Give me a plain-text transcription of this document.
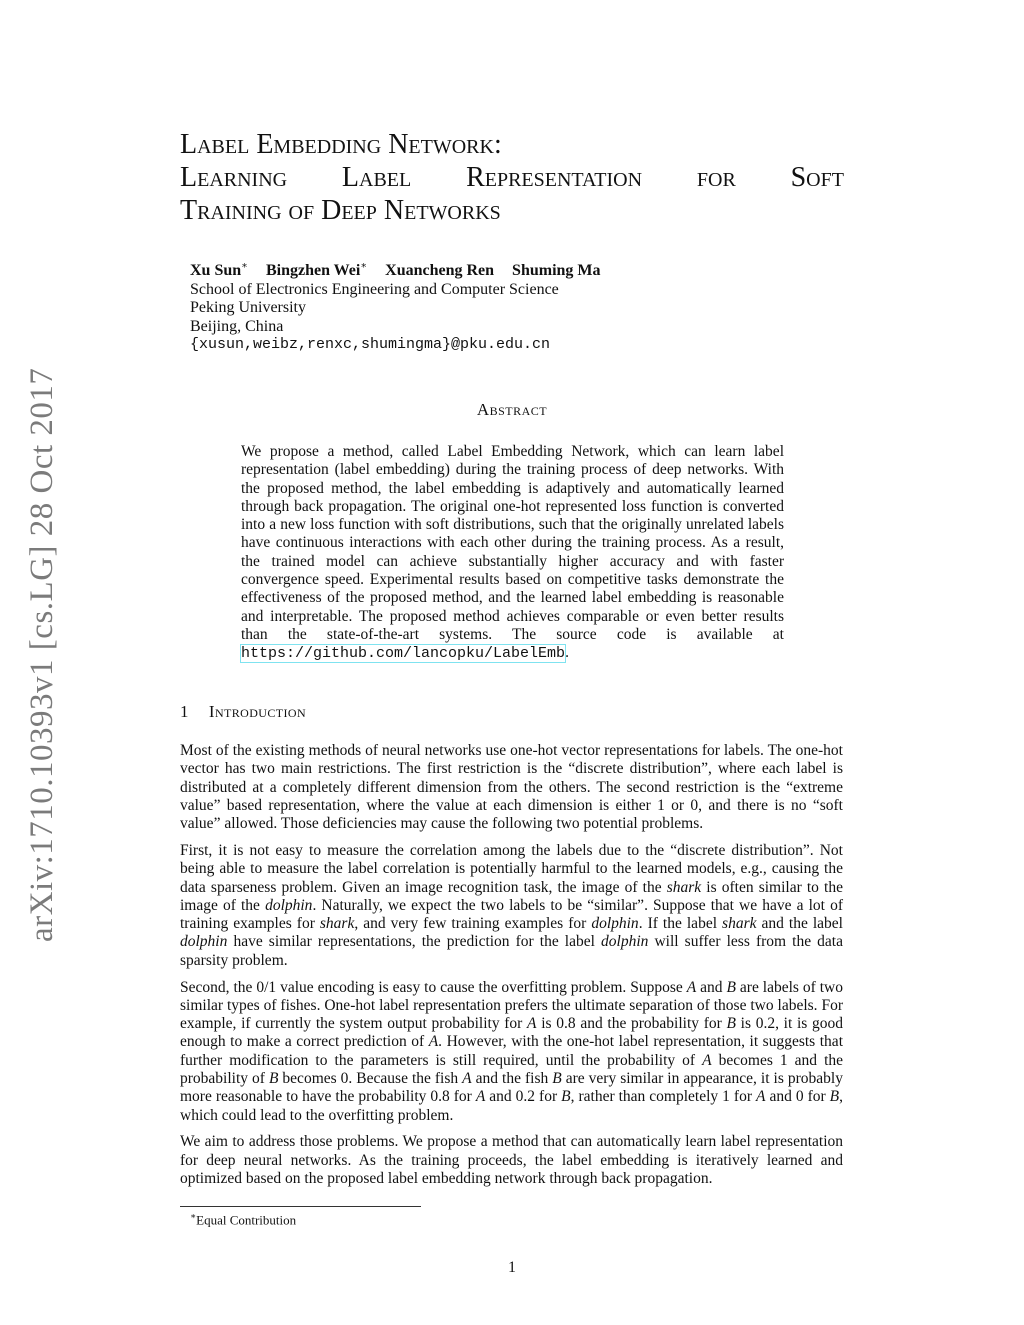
arXiv:1710.10393v1 [cs.LG] 28 Oct 2017
Label Embedding Network:
Learning Label Representation for Soft
Training of Deep Networks
Xu Sun∗ Bingzhen Wei∗ Xuancheng Ren Shuming Ma
School of Electronics Engineering and Computer Science
Peking University
Beijing, China
{xusun,weibz,renxc,shumingma}@pku.edu.cn
Abstract
We propose a method, called Label Embedding Network, which can learn label representation (label embedding) during the training process of deep networks. With the proposed method, the label embedding is adaptively and automatically learned through back propagation. The original one-hot represented loss function is converted into a new loss function with soft distributions, such that the originally unrelated labels have continuous interactions with each other during the training process. As a result, the trained model can achieve substantially higher accuracy and with faster convergence speed. Experimental results based on competitive tasks demonstrate the effectiveness of the proposed method, and the learned label embedding is reasonable and interpretable. The proposed method achieves comparable or even better results than the state-of-the-art systems. The source code is available at https://github.com/lancopku/LabelEmb.
1 Introduction

Most of the existing methods of neural networks use one-hot vector representations for labels. The one-hot vector has two main restrictions. The first restriction is the “discrete distribution”, where each label is distributed at a completely different dimension from the others. The second restriction is the “extreme value” based representation, where the value at each dimension is either 1 or 0, and there is no “soft value” allowed. Those deficiencies may cause the following two potential problems.

First, it is not easy to measure the correlation among the labels due to the “discrete distribution”. Not being able to measure the label correlation is potentially harmful to the learned models, e.g., causing the data sparseness problem. Given an image recognition task, the image of the shark is often similar to the image of the dolphin. Naturally, we expect the two labels to be “similar”. Suppose that we have a lot of training examples for shark, and very few training examples for dolphin. If the label shark and the label dolphin have similar representations, the prediction for the label dolphin will suffer less from the data sparsity problem.

Second, the 0/1 value encoding is easy to cause the overfitting problem. Suppose A and B are labels of two similar types of fishes. One-hot label representation prefers the ultimate separation of those two labels. For example, if currently the system output probability for A is 0.8 and the probability for B is 0.2, it is good enough to make a correct prediction of A. However, with the one-hot label representation, it suggests that further modification to the parameters is still required, until the probability of A becomes 1 and the probability of B becomes 0. Because the fish A and the fish B are very similar in appearance, it is probably more reasonable to have the probability 0.8 for A and 0.2 for B, rather than completely 1 for A and 0 for B, which could lead to the overfitting problem.

We aim to address those problems. We propose a method that can automatically learn label representation for deep neural networks. As the training proceeds, the label embedding is iteratively learned and optimized based on the proposed label embedding network through back propagation.

∗Equal Contribution
1
